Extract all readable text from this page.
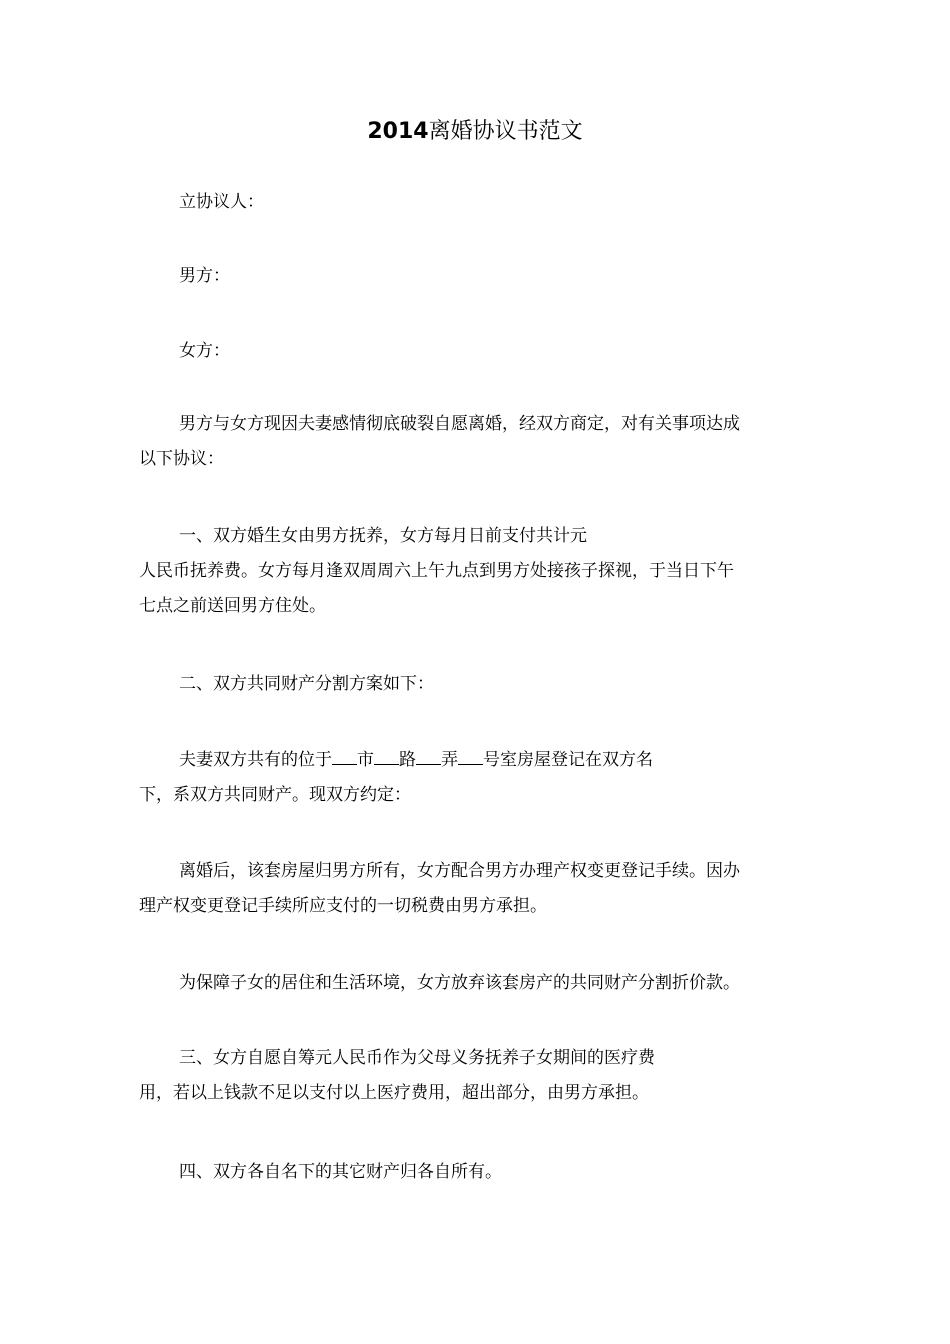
2014离婚协议书范文

立协议人：

男方：

女方：

男方与女方现因夫妻感情彻底破裂自愿离婚，经双方商定，对有关事项达成
以下协议：

一、双方婚生女由男方抚养，女方每月日前支付共计元
人民币抚养费。女方每月逢双周周六上午九点到男方处接孩子探视，于当日下午
七点之前送回男方住处。

二、双方共同财产分割方案如下：

夫妻双方共有的位于 市 路 弄 号室房屋登记在双方名
下，系双方共同财产。现双方约定：

离婚后，该套房屋归男方所有，女方配合男方办理产权变更登记手续。因办
理产权变更登记手续所应支付的一切税费由男方承担。

为保障子女的居住和生活环境，女方放弃该套房产的共同财产分割折价款。

三、女方自愿自筹元人民币作为父母义务抚养子女期间的医疗费
用，若以上钱款不足以支付以上医疗费用，超出部分，由男方承担。

四、双方各自名下的其它财产归各自所有。
